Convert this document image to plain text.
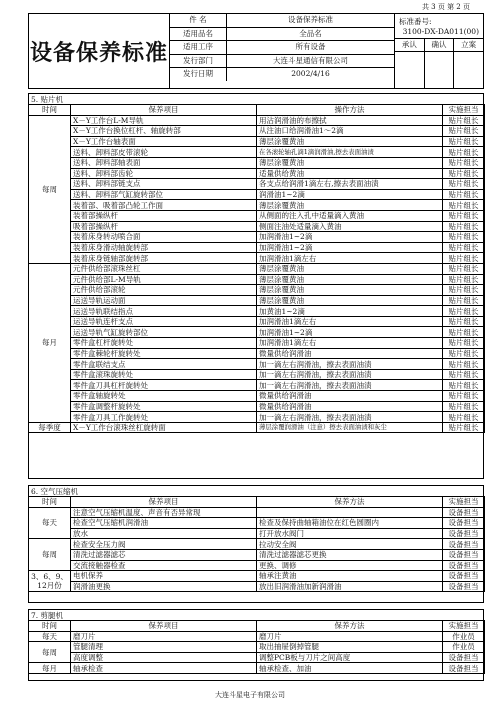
共 3 页 第 2 页
设备保养标准
件 名	设备保养标准
适用品名	全品名
适用工序	所有设备
发行部门	大连斗星通信有限公司
发行日期	2002/4/16
标准番号:
3100-DX-DA011(00)
承认	确认	立案
5. 贴片机
时间	保养项目	操作方法	实施担当
每周	X－Y工作台L-M导轨	用沾润滑油的布擦拭	贴片组长
	X－Y工作台换位杠杆、轴旋转部	从注油口给润滑油1～2滴	贴片组长
	X－Y工作台轴表面	薄层涂覆黄油	贴片组长
	送料、卸料部皮带滚轮	在各滚轮轴孔滴1滴润滑油,擦去表面油渍	贴片组长
	送料、卸料部轴表面	薄层涂覆黄油	贴片组长
	送料、卸料部齿轮	适量供给黄油	贴片组长
	送料、卸料部链支点	各支点给润滑1滴左右,擦去表面油渍	贴片组长
	送料、卸料部气缸旋转部位	润滑油1~2滴	贴片组长
	装着部、吸着部凸轮工作面	薄层涂覆黄油	贴片组长
	装着部操纵杆	从侧面的注入孔中适量滴入黄油	贴片组长
	吸着部操纵杆	侧面注油处适量滴入黄油	贴片组长
	装着床身转动喷合面	加润滑油1~2滴	贴片组长
	装着床身滑动轴旋转部	加润滑油1~2滴	贴片组长
	装着床身链轴部旋转部	加润滑油1滴左右	贴片组长
每月	元件供给部滚珠丝杠	薄层涂覆黄油	贴片组长
	元件供给部L-M导轨	薄层涂覆黄油	贴片组长
	元件供给部滚轮	薄层涂覆黄油	贴片组长
	运送导轨运动面	薄层涂覆黄油	贴片组长
	运送导轨联结指点	加黄油1~2滴	贴片组长
	运送导轨连杆支点	加润滑油1滴左右	贴片组长
	运送导轨气缸旋转部位	加润滑油1~2滴	贴片组长
	零件盒杠杆旋转处	加润滑油1滴左右	贴片组长
	零件盒棘轮杆旋转处	微量供给润滑油	贴片组长
	零件盒联结支点	加一滴左右润滑油，擦去表面油渍	贴片组长
	零件盒滚珠旋转处	加一滴左右润滑油，擦去表面油渍	贴片组长
	零件盒刀具杠杆旋转处	加一滴左右润滑油，擦去表面油渍	贴片组长
	零件盒轴旋转处	微量供给润滑油	贴片组长
	零件盒调整杆旋转处	微量供给润滑油	贴片组长
	零件盒刀具工作旋转处	加一滴左右润滑油，擦去表面油渍	贴片组长
每季度	X－Y工作台滚珠丝杠旋转面	薄层涂覆润滑油（注意）擦去表面油渍和灰尘	贴片组长
6. 空气压缩机
时间	保养项目	保养方法	实施担当
每天	注意空气压缩机温度、声音有否异常现		设备担当
	检查空气压缩机润滑油	检查及保持曲轴箱油位在红色圆圈内	设备担当
	放水	打开放水阀门	设备担当
每周	检查安全压力阀	拉动安全阀	设备担当
	清洗过滤器滤芯	清洗过滤器滤芯更换	设备担当
	交流接触器检查	更换、调修	设备担当
3、6、9、12月份	电机保养	轴承注黄油	设备担当
	润滑油更换	放出旧润滑油加新润滑油	设备担当
7. 剪腿机
时间	保养项目	保养方法	实施担当
每天	磨刀片	磨刀片	作业员
每周	管腿清理	取出抽屉倒掉管腿	作业员
	高度调整	调整PCB板与刀片之间高度	设备担当
每月	轴承检查	轴承检查、加油	设备担当
大连斗星电子有限公司
